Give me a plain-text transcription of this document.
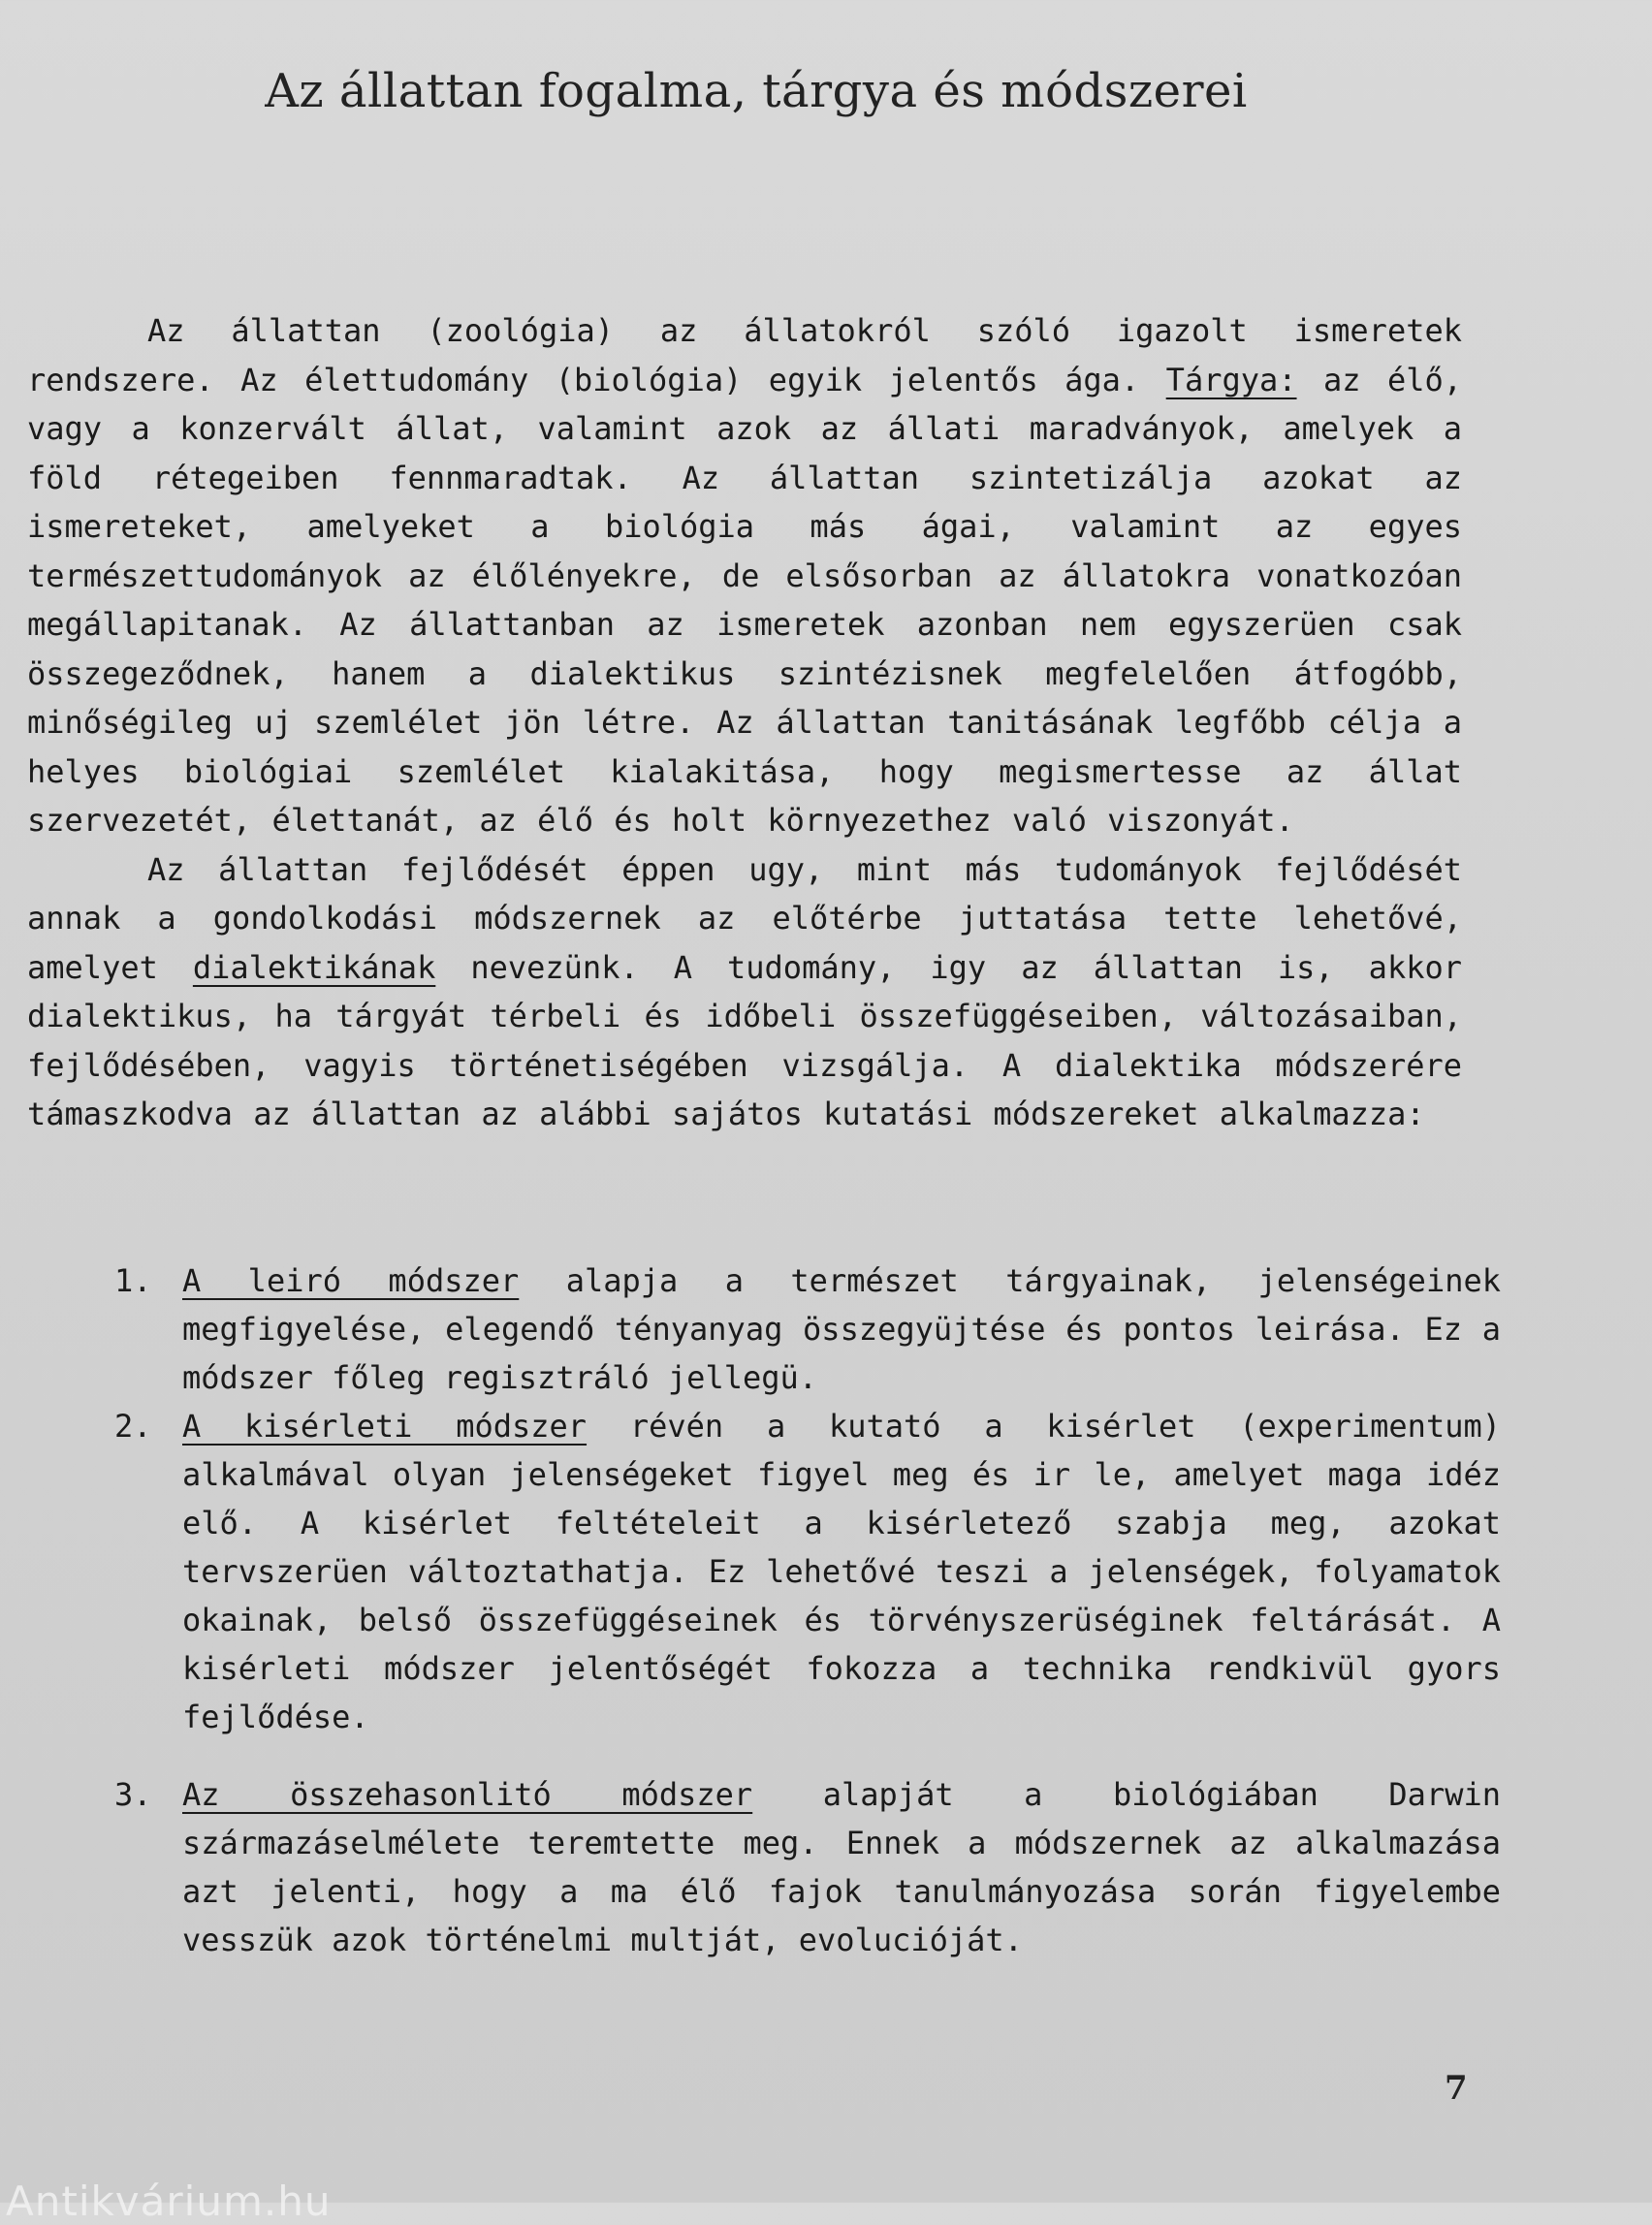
Az állattan fogalma, tárgya és módszerei

Az állattan (zoológia) az állatokról szóló igazolt ismeretek rendszere. Az élettudomány (biológia) egyik jelentős ága. Tárgya: az élő, vagy a konzervált állat, valamint azok az állati maradványok, amelyek a föld rétegeiben fennmaradtak. Az állattan szintetizálja azokat az ismereteket, amelyeket a biológia más ágai, valamint az egyes természettudományok az élőlényekre, de elsősorban az állatokra vonatkozóan megállapitanak. Az állattanban az ismeretek azonban nem egyszerüen csak összegeződnek, hanem a dialektikus szintézisnek megfelelően átfogóbb, minőségileg uj szemlélet jön létre. Az állattan tanitásának legfőbb célja a helyes biológiai szemlélet kialakitása, hogy megismertesse az állat szervezetét, élettanát, az élő és holt környezethez való viszonyát.

Az állattan fejlődését éppen ugy, mint más tudományok fejlődését annak a gondolkodási módszernek az előtérbe juttatása tette lehetővé, amelyet dialektikának nevezünk. A tudomány, igy az állattan is, akkor dialektikus, ha tárgyát térbeli és időbeli összefüggéseiben, változásaiban, fejlődésében, vagyis történetiségében vizsgálja. A dialektika módszerére támaszkodva az állattan az alábbi sajátos kutatási módszereket alkalmazza:

1. A leiró módszer alapja a természet tárgyainak, jelenségeinek megfigyelése, elegendő tényanyag összegyüjtése és pontos leirása. Ez a módszer főleg regisztráló jellegü.

2. A kisérleti módszer révén a kutató a kisérlet (experimentum) alkalmával olyan jelenségeket figyel meg és ir le, amelyet maga idéz elő. A kisérlet feltételeit a kisérletező szabja meg, azokat tervszerüen változtathatja. Ez lehetővé teszi a jelenségek, folyamatok okainak, belső összefüggéseinek és törvényszerüséginek feltárását. A kisérleti módszer jelentőségét fokozza a technika rendkivül gyors fejlődése.

3. Az összehasonlitó módszer alapját a biológiában Darwin származáselmélete teremtette meg. Ennek a módszernek az alkalmazása azt jelenti, hogy a ma élő fajok tanulmányozása során figyelembe vesszük azok történelmi multját, evolucióját.

7
Antikvárium.hu
